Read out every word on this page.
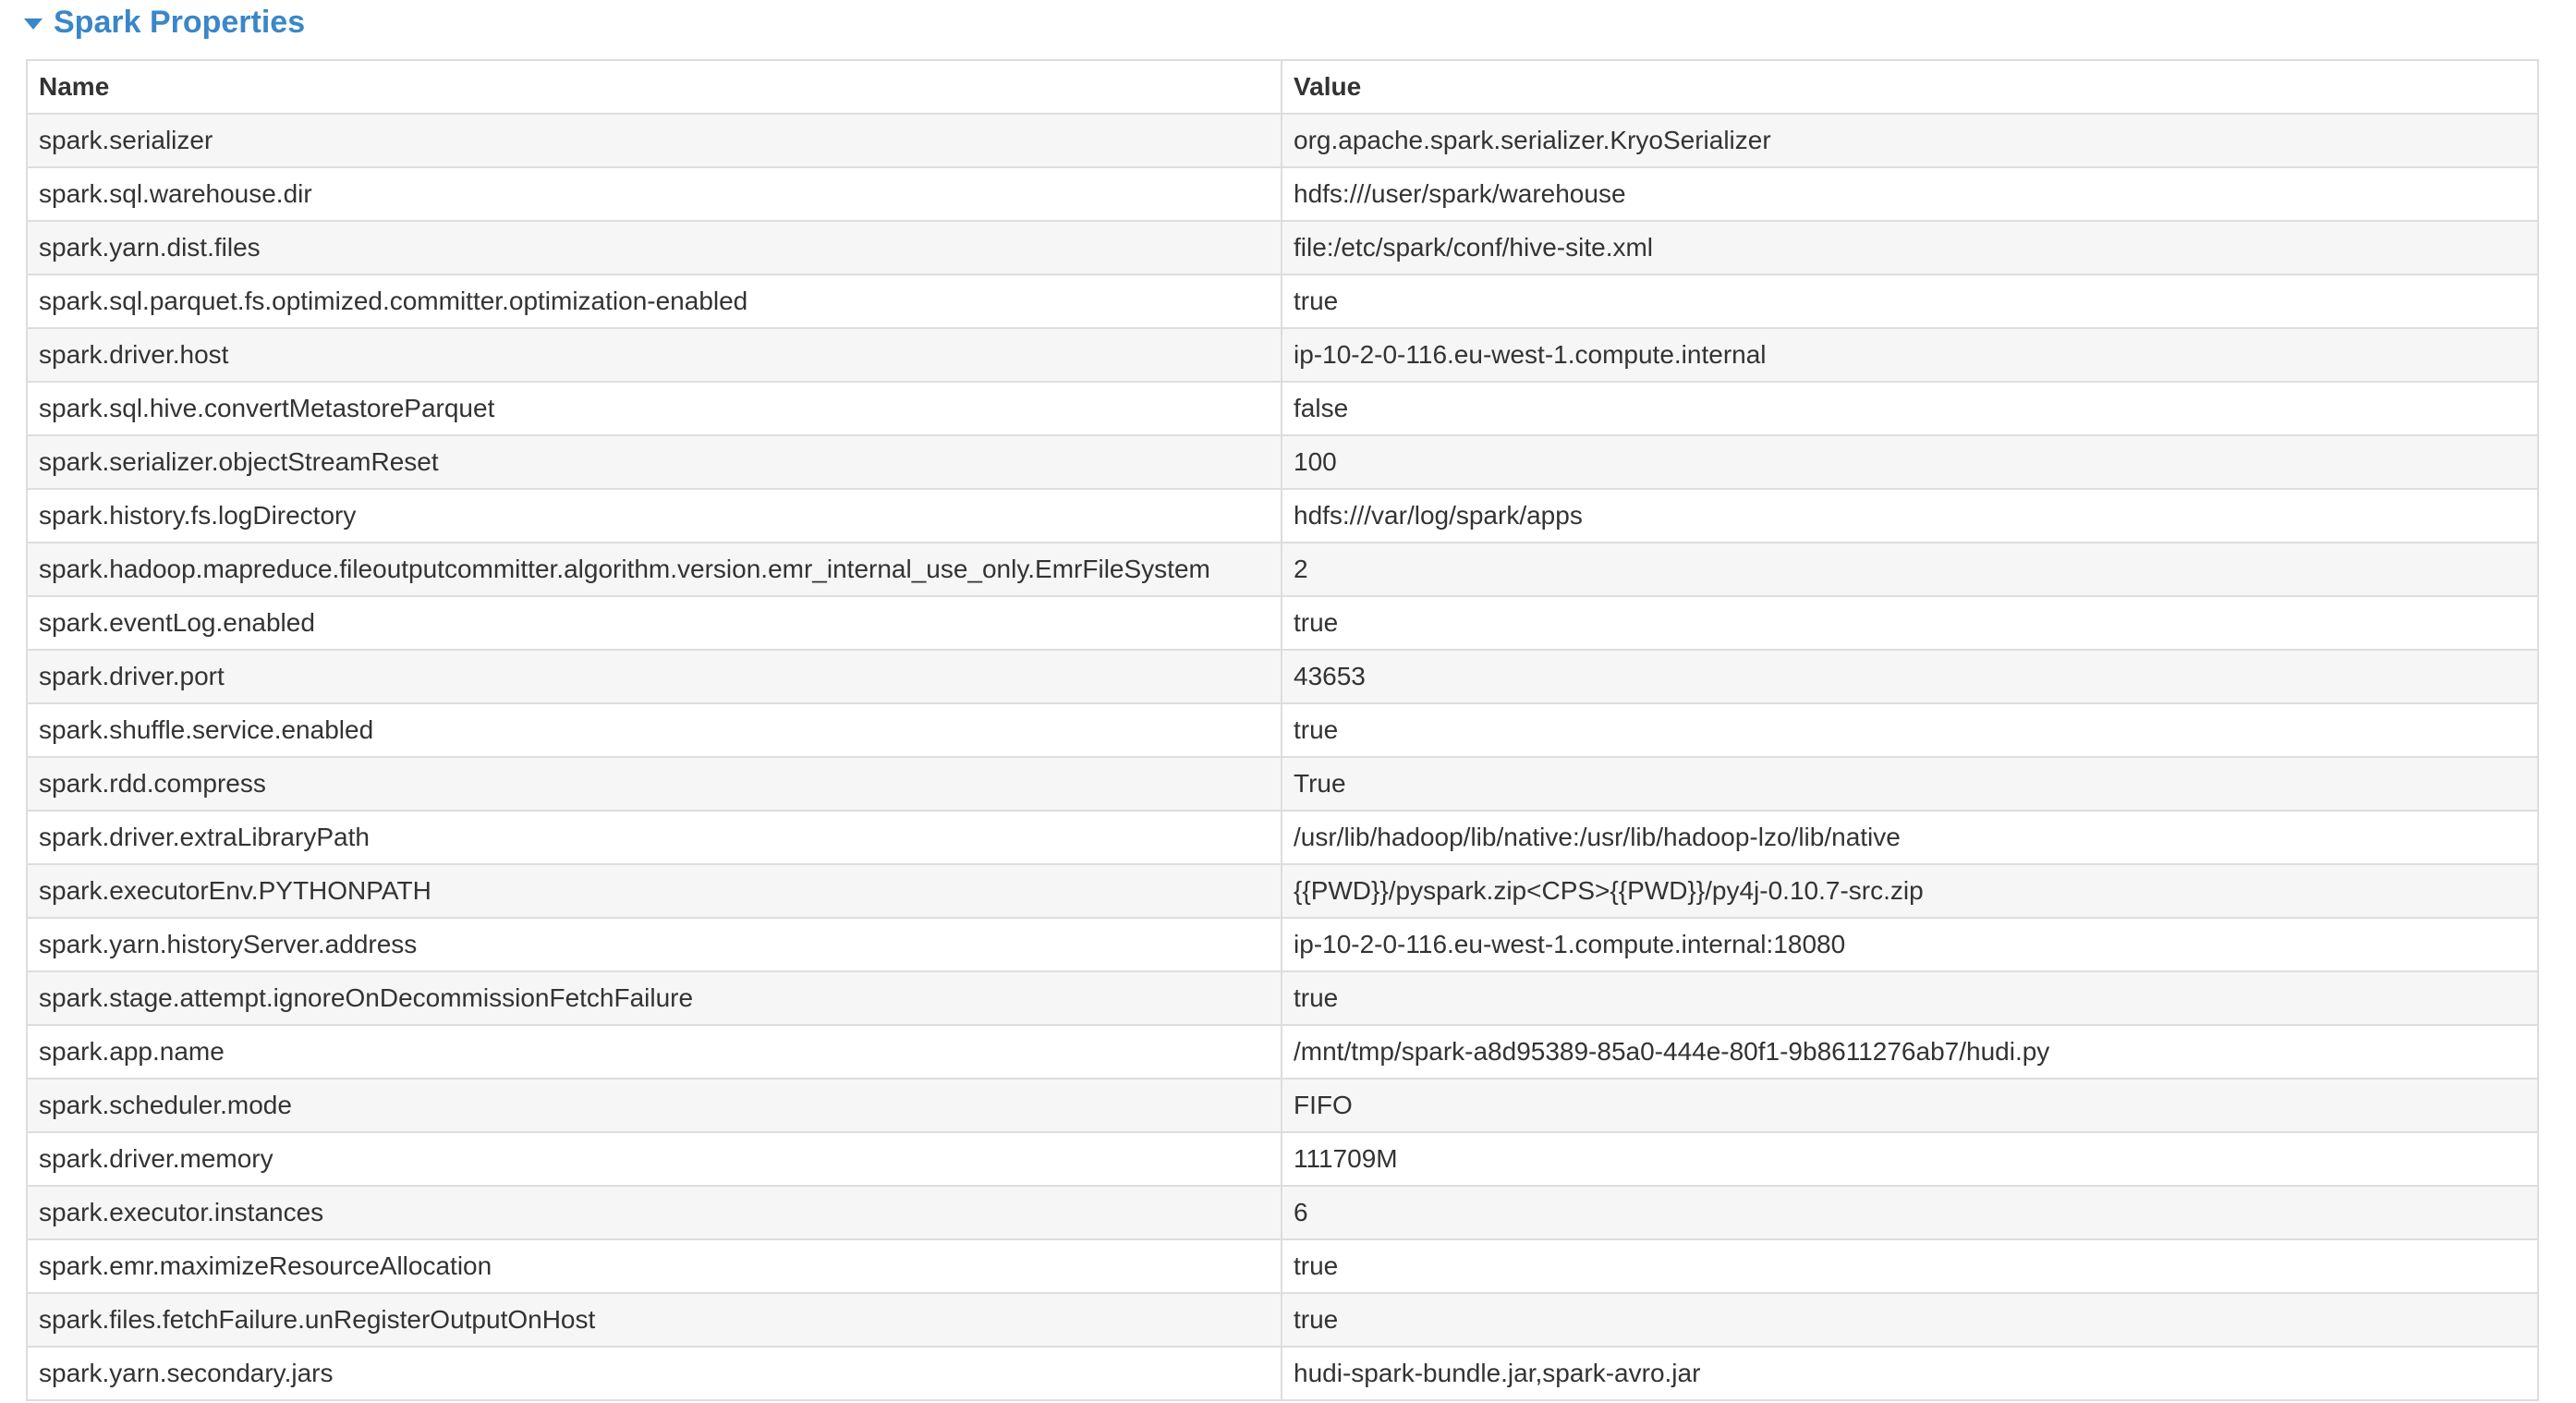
Spark Properties
Name	Value
spark.serializer	org.apache.spark.serializer.KryoSerializer
spark.sql.warehouse.dir	hdfs:///user/spark/warehouse
spark.yarn.dist.files	file:/etc/spark/conf/hive-site.xml
spark.sql.parquet.fs.optimized.committer.optimization-enabled	true
spark.driver.host	ip-10-2-0-116.eu-west-1.compute.internal
spark.sql.hive.convertMetastoreParquet	false
spark.serializer.objectStreamReset	100
spark.history.fs.logDirectory	hdfs:///var/log/spark/apps
spark.hadoop.mapreduce.fileoutputcommitter.algorithm.version.emr_internal_use_only.EmrFileSystem	2
spark.eventLog.enabled	true
spark.driver.port	43653
spark.shuffle.service.enabled	true
spark.rdd.compress	True
spark.driver.extraLibraryPath	/usr/lib/hadoop/lib/native:/usr/lib/hadoop-lzo/lib/native
spark.executorEnv.PYTHONPATH	{{PWD}}/pyspark.zip<CPS>{{PWD}}/py4j-0.10.7-src.zip
spark.yarn.historyServer.address	ip-10-2-0-116.eu-west-1.compute.internal:18080
spark.stage.attempt.ignoreOnDecommissionFetchFailure	true
spark.app.name	/mnt/tmp/spark-a8d95389-85a0-444e-80f1-9b8611276ab7/hudi.py
spark.scheduler.mode	FIFO
spark.driver.memory	111709M
spark.executor.instances	6
spark.emr.maximizeResourceAllocation	true
spark.files.fetchFailure.unRegisterOutputOnHost	true
spark.yarn.secondary.jars	hudi-spark-bundle.jar,spark-avro.jar
